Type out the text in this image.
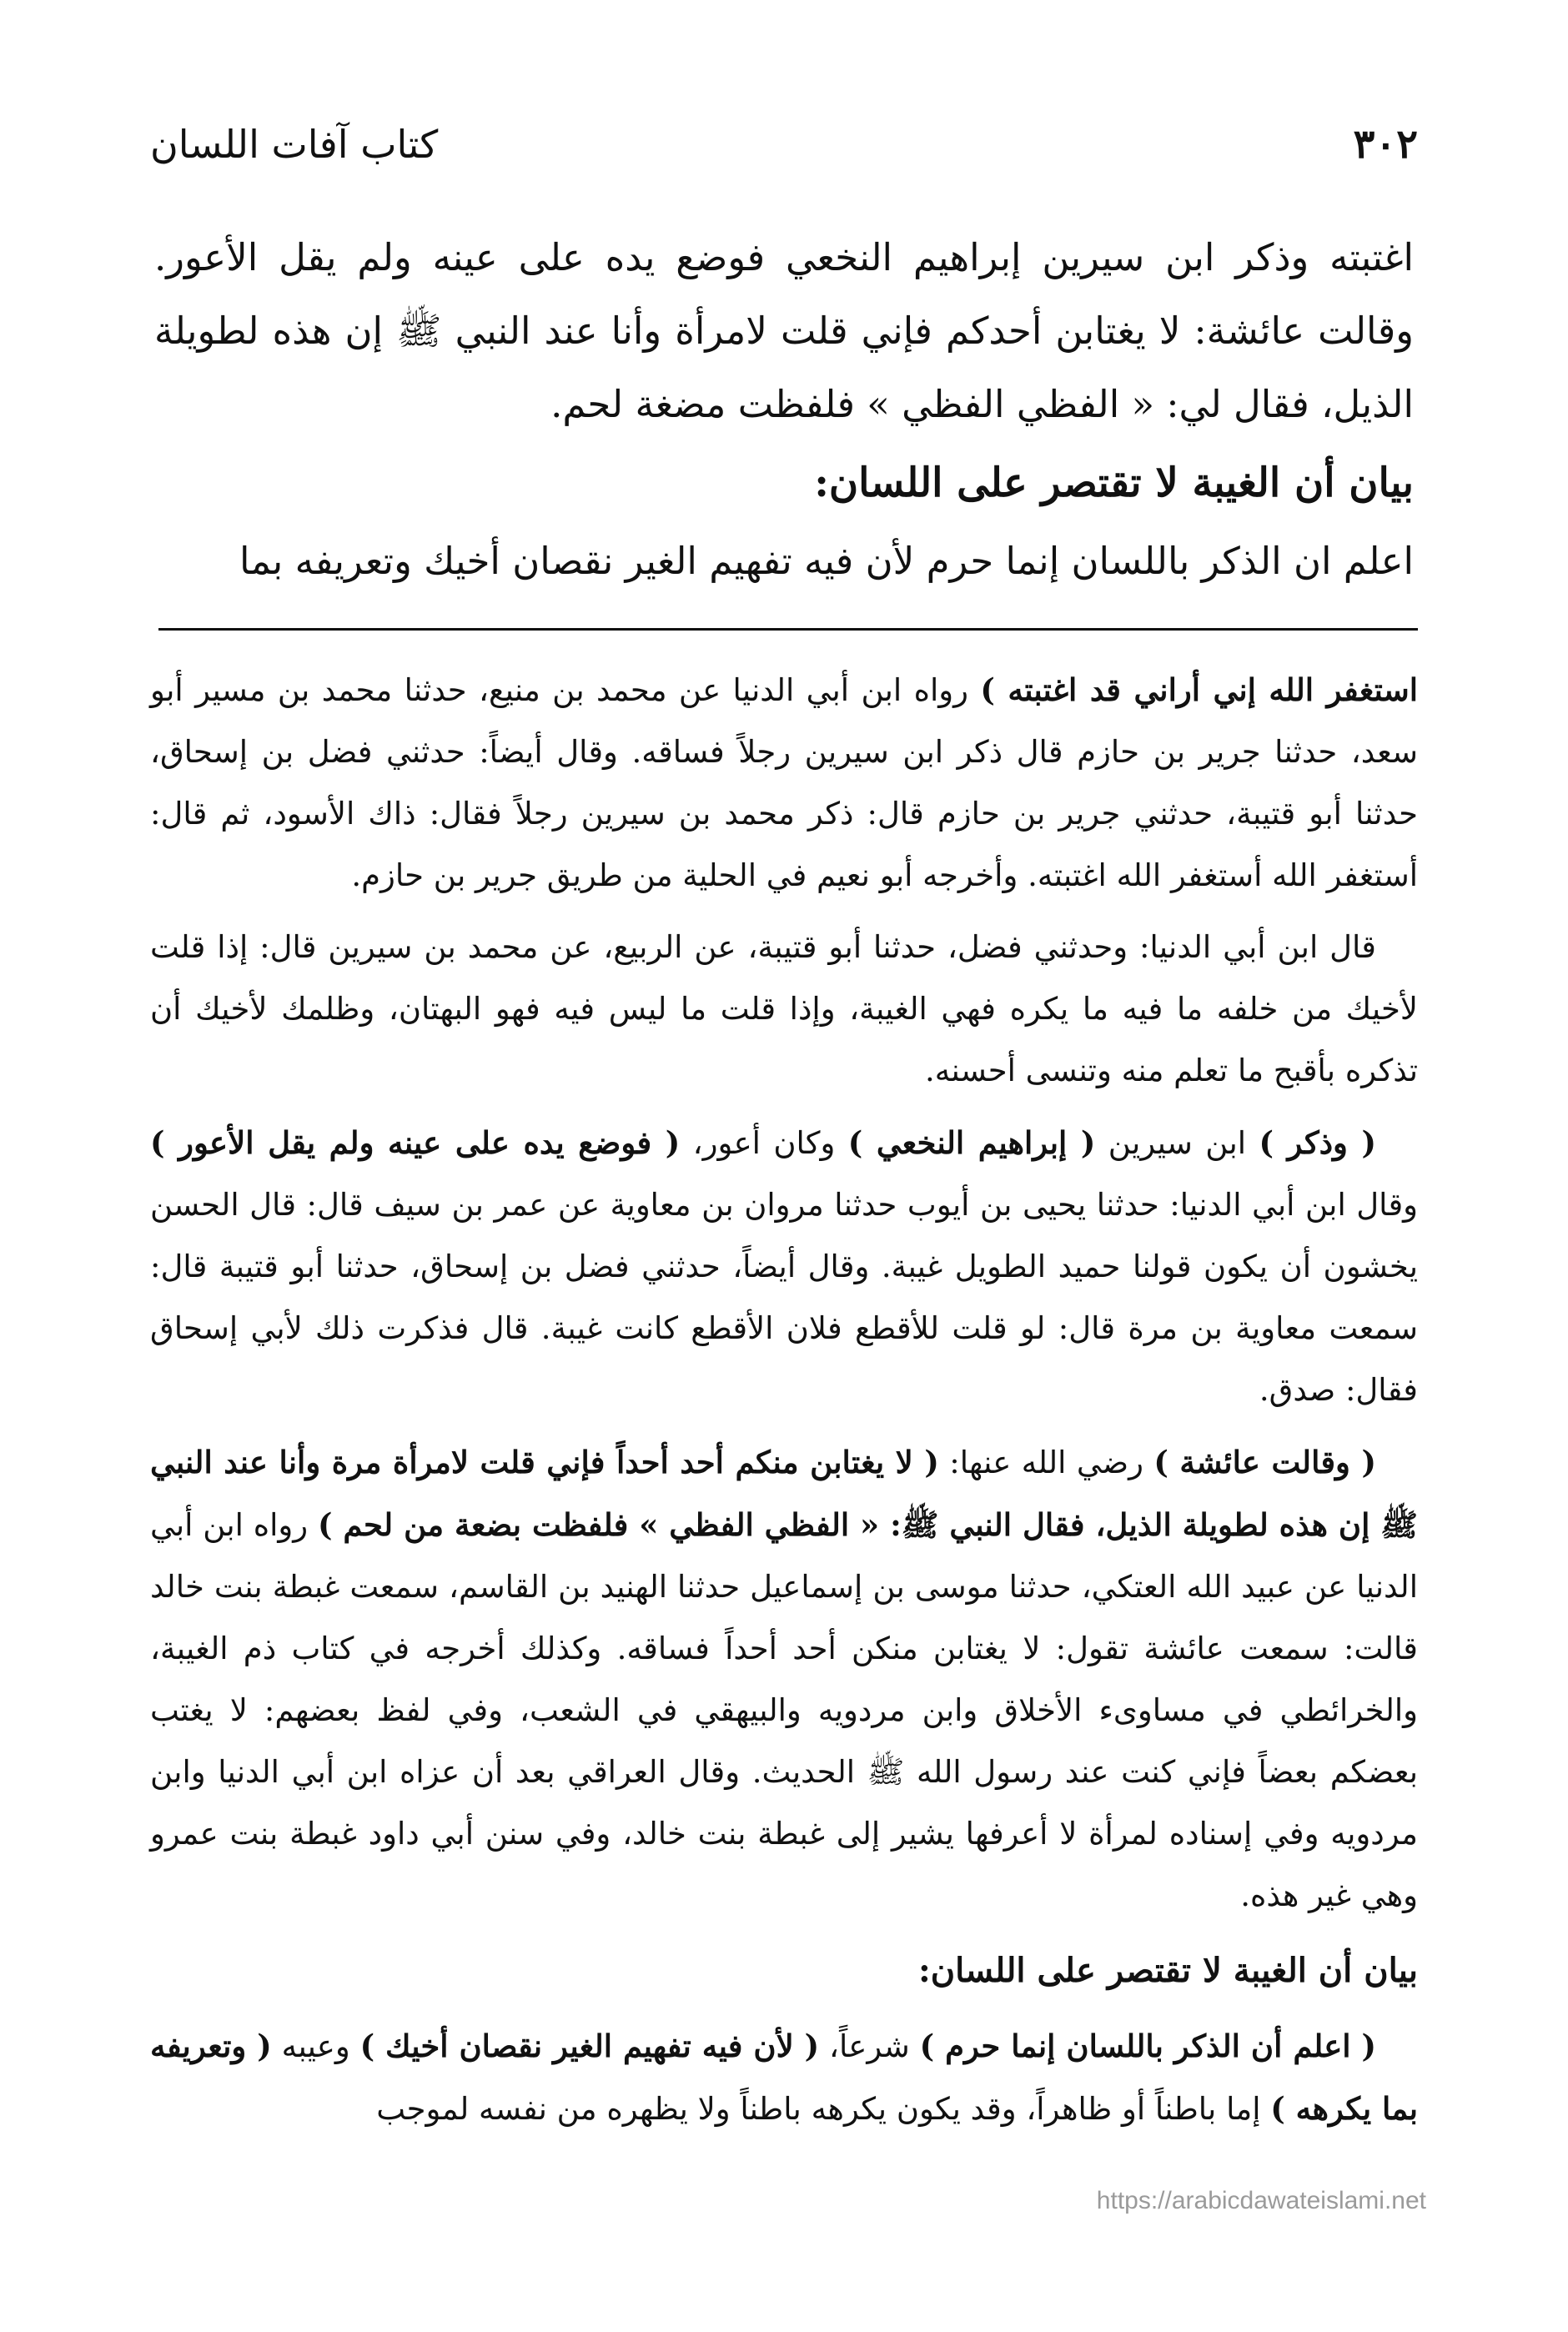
٣٠٢
كتاب آفات اللسان

اغتبته وذكر ابن سيرين إبراهيم النخعي فوضع يده على عينه ولم يقل الأعور. وقالت عائشة: لا يغتابن أحدكم فإني قلت لامرأة وأنا عند النبي ﷺ إن هذه لطويلة الذيل، فقال لي: « الفظي الفظي » فلفظت مضغة لحم.

بيان أن الغيبة لا تقتصر على اللسان:

اعلم ان الذكر باللسان إنما حرم لأن فيه تفهيم الغير نقصان أخيك وتعريفه بما

استغفر الله إني أراني قد اغتبته ) رواه ابن أبي الدنيا عن محمد بن منيع، حدثنا محمد بن مسير أبو سعد، حدثنا جرير بن حازم قال ذكر ابن سيرين رجلاً فساقه. وقال أيضاً: حدثني فضل بن إسحاق، حدثنا أبو قتيبة، حدثني جرير بن حازم قال: ذكر محمد بن سيرين رجلاً فقال: ذاك الأسود، ثم قال: أستغفر الله أستغفر الله اغتبته. وأخرجه أبو نعيم في الحلية من طريق جرير بن حازم.

قال ابن أبي الدنيا: وحدثني فضل، حدثنا أبو قتيبة، عن الربيع، عن محمد بن سيرين قال: إذا قلت لأخيك من خلفه ما فيه ما يكره فهي الغيبة، وإذا قلت ما ليس فيه فهو البهتان، وظلمك لأخيك أن تذكره بأقبح ما تعلم منه وتنسى أحسنه.

( وذكر ) ابن سيرين ( إبراهيم النخعي ) وكان أعور، ( فوضع يده على عينه ولم يقل الأعور ) وقال ابن أبي الدنيا: حدثنا يحيى بن أيوب حدثنا مروان بن معاوية عن عمر بن سيف قال: قال الحسن يخشون أن يكون قولنا حميد الطويل غيبة. وقال أيضاً، حدثني فضل بن إسحاق، حدثنا أبو قتيبة قال: سمعت معاوية بن مرة قال: لو قلت للأقطع فلان الأقطع كانت غيبة. قال فذكرت ذلك لأبي إسحاق فقال: صدق.

( وقالت عائشة ) رضي الله عنها: ( لا يغتابن منكم أحد أحداً فإني قلت لامرأة مرة وأنا عند النبي ﷺ إن هذه لطويلة الذيل، فقال النبي ﷺ: « الفظي الفظي » فلفظت بضعة من لحم ) رواه ابن أبي الدنيا عن عبيد الله العتكي، حدثنا موسى بن إسماعيل حدثنا الهنيد بن القاسم، سمعت غبطة بنت خالد قالت: سمعت عائشة تقول: لا يغتابن منكن أحد أحداً فساقه. وكذلك أخرجه في كتاب ذم الغيبة، والخرائطي في مساوىء الأخلاق وابن مردويه والبيهقي في الشعب، وفي لفظ بعضهم: لا يغتب بعضكم بعضاً فإني كنت عند رسول الله ﷺ الحديث. وقال العراقي بعد أن عزاه ابن أبي الدنيا وابن مردويه وفي إسناده لمرأة لا أعرفها يشير إلى غبطة بنت خالد، وفي سنن أبي داود غبطة بنت عمرو وهي غير هذه.

بيان أن الغيبة لا تقتصر على اللسان:

( اعلم أن الذكر باللسان إنما حرم ) شرعاً، ( لأن فيه تفهيم الغير نقصان أخيك ) وعيبه ( وتعريفه بما يكرهه ) إما باطناً أو ظاهراً، وقد يكون يكرهه باطناً ولا يظهره من نفسه لموجب

https://arabicdawateislami.net
